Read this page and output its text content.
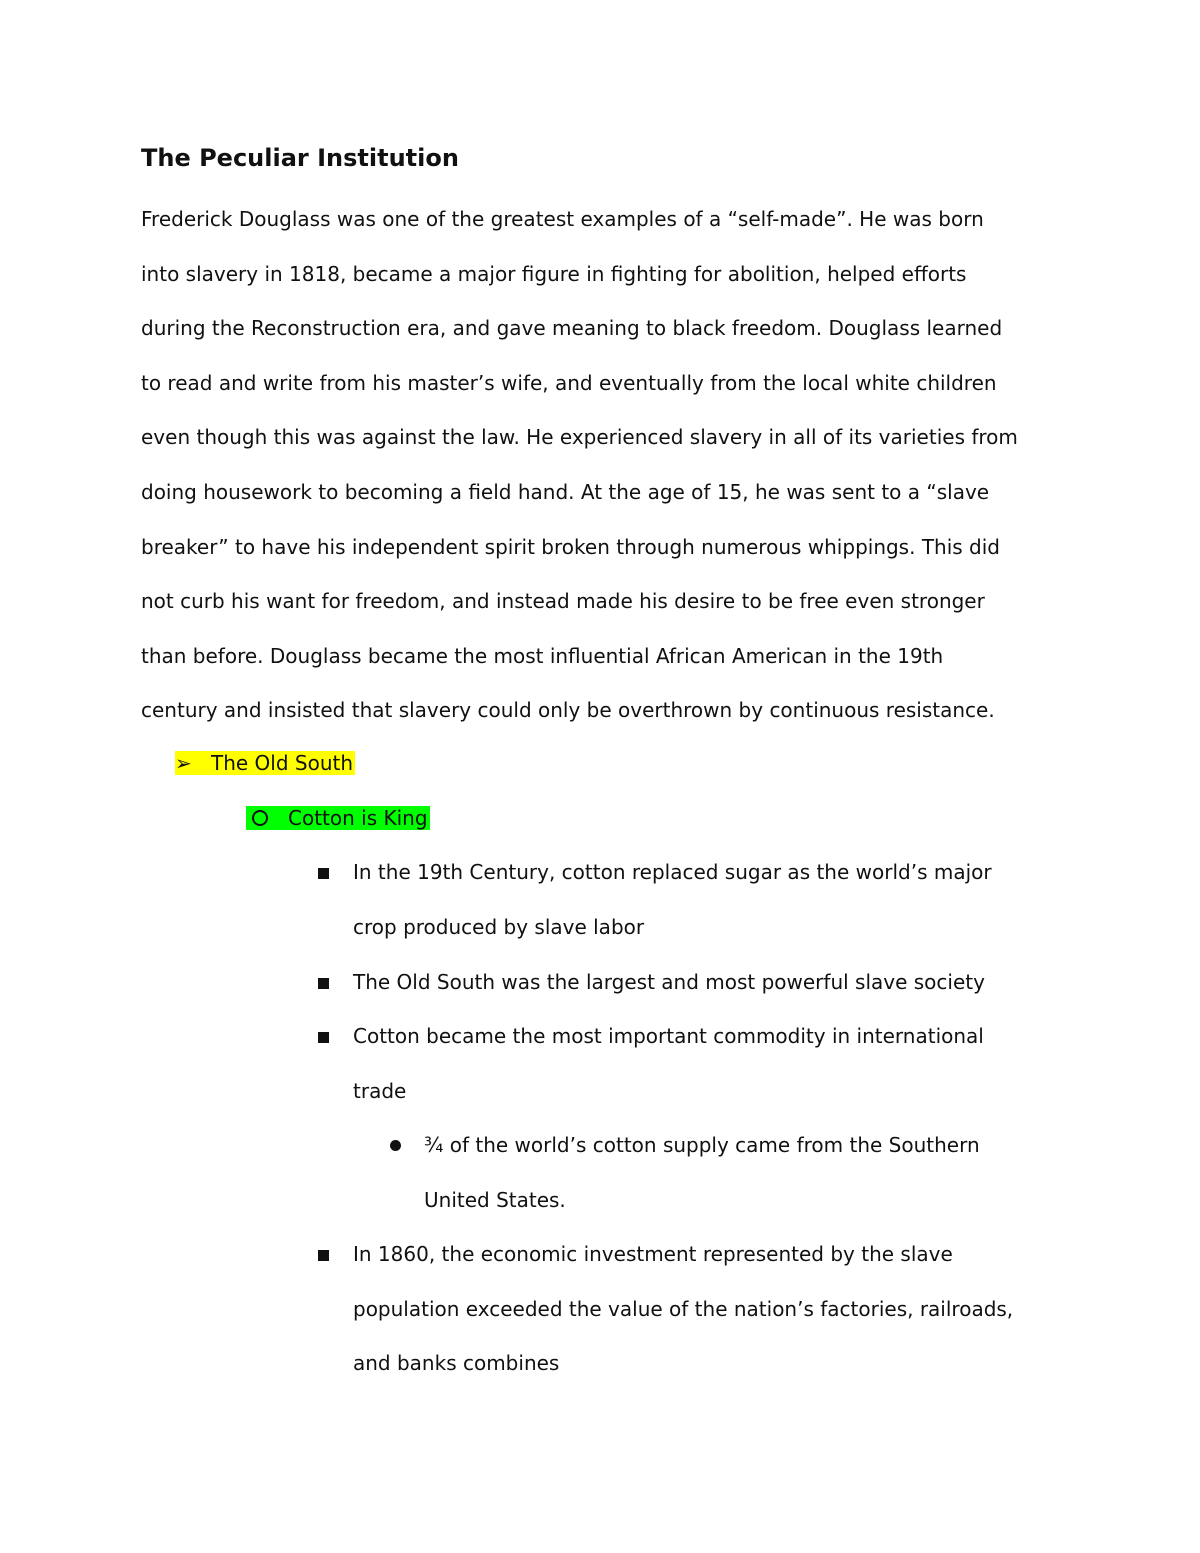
The Peculiar Institution
Frederick Douglass was one of the greatest examples of a “self-made”. He was born
into slavery in 1818, became a major figure in fighting for abolition, helped efforts
during the Reconstruction era, and gave meaning to black freedom. Douglass learned
to read and write from his master’s wife, and eventually from the local white children
even though this was against the law. He experienced slavery in all of its varieties from
doing housework to becoming a field hand. At the age of 15, he was sent to a “slave
breaker” to have his independent spirit broken through numerous whippings. This did
not curb his want for freedom, and instead made his desire to be free even stronger
than before. Douglass became the most influential African American in the 19th
century and insisted that slavery could only be overthrown by continuous resistance.
➢ The Old South
Cotton is King
In the 19th Century, cotton replaced sugar as the world’s major
crop produced by slave labor
The Old South was the largest and most powerful slave society
Cotton became the most important commodity in international
trade
¾ of the world’s cotton supply came from the Southern
United States.
In 1860, the economic investment represented by the slave
population exceeded the value of the nation’s factories, railroads,
and banks combines
